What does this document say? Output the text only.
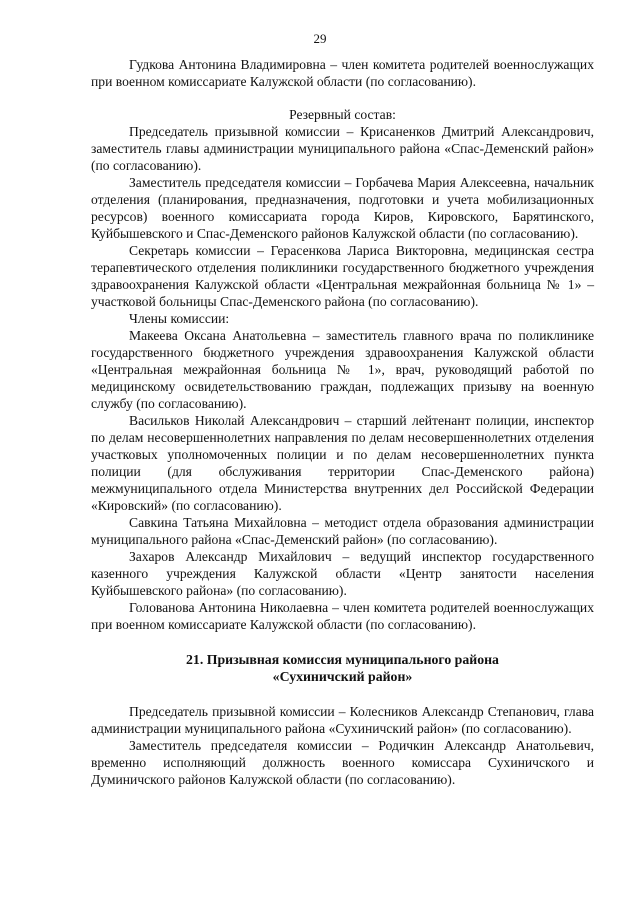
29

Гудкова Антонина Владимировна – член комитета родителей военнослужащих при военном комиссариате Калужской области (по согласованию).

Резервный состав:

Председатель призывной комиссии – Крисаненков Дмитрий Александрович, заместитель главы администрации муниципального района «Спас-Деменский район» (по согласованию).

Заместитель председателя комиссии – Горбачева Мария Алексеевна, начальник отделения (планирования, предназначения, подготовки и учета мобилизационных ресурсов) военного комиссариата города Киров, Кировского, Барятинского, Куйбышевского и Спас-Деменского районов Калужской области (по согласованию).

Секретарь комиссии – Герасенкова Лариса Викторовна, медицинская сестра терапевтического отделения поликлиники государственного бюджетного учреждения здравоохранения Калужской области «Центральная межрайонная больница № 1» – участковой больницы Спас-Деменского района (по согласованию).

Члены комиссии:

Макеева Оксана Анатольевна – заместитель главного врача по поликлинике государственного бюджетного учреждения здравоохранения Калужской области «Центральная межрайонная больница № 1», врач, руководящий работой по медицинскому освидетельствованию граждан, подлежащих призыву на военную службу (по согласованию).

Васильков Николай Александрович – старший лейтенант полиции, инспектор по делам несовершеннолетних направления по делам несовершеннолетних отделения участковых уполномоченных полиции и по делам несовершеннолетних пункта полиции (для обслуживания территории Спас-Деменского района) межмуниципального отдела Министерства внутренних дел Российской Федерации «Кировский» (по согласованию).

Савкина Татьяна Михайловна – методист отдела образования администрации муниципального района «Спас-Деменский район» (по согласованию).

Захаров Александр Михайлович – ведущий инспектор государственного казенного учреждения Калужской области «Центр занятости населения Куйбышевского района» (по согласованию).

Голованова Антонина Николаевна – член комитета родителей военнослужащих при военном комиссариате Калужской области (по согласованию).

21. Призывная комиссия муниципального района

«Сухиничский район»

Председатель призывной комиссии – Колесников Александр Степанович, глава администрации муниципального района «Сухиничский район» (по согласованию).

Заместитель председателя комиссии – Родичкин Александр Анатольевич, временно исполняющий должность военного комиссара Сухиничского и Думиничского районов Калужской области (по согласованию).
